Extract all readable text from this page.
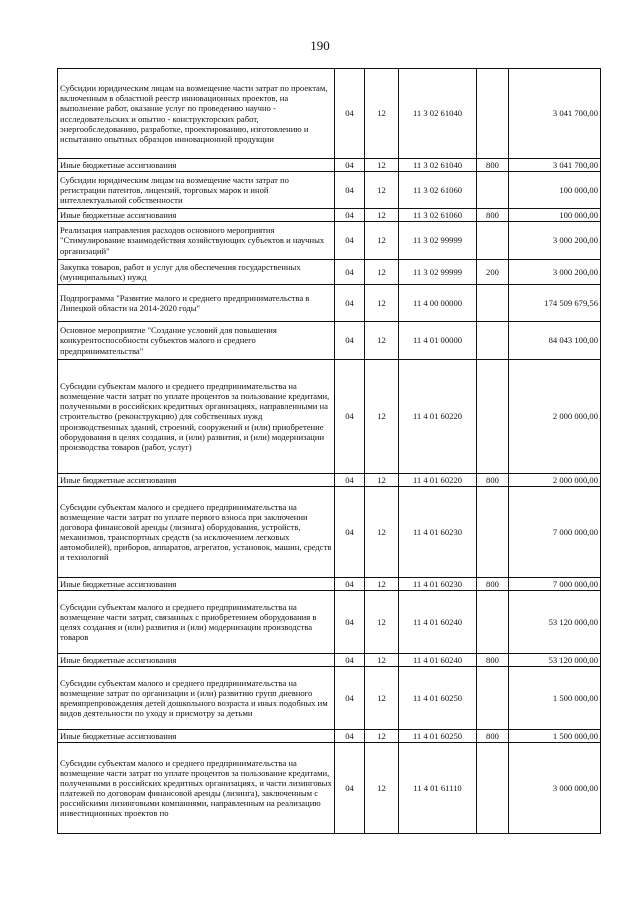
190
Субсидии юридическим лицам на возмещение части затрат по проектам, включенным в областной реестр инновационных проектов, на выполнение работ, оказание услуг по проведению научно - исследовательских и опытно - конструкторских работ, энергообследованию, разработке, проектированию, изготовлению и испытанию опытных образцов инновационной продукции	04	12	11 3 02 61040		3 041 700,00
Иные бюджетные ассигнования	04	12	11 3 02 61040	800	3 041 700,00
Субсидии юридическим лицам на возмещение части затрат по регистрации патентов, лицензий, торговых марок и иной интеллектуальной собственности	04	12	11 3 02 61060		100 000,00
Иные бюджетные ассигнования	04	12	11 3 02 61060	800	100 000,00
Реализация направления расходов основного мероприятия "Стимулирование взаимодействия хозяйствующих субъектов и научных организаций"	04	12	11 3 02 99999		3 000 200,00
Закупка товаров, работ и услуг для обеспечения государственных (муниципальных) нужд	04	12	11 3 02 99999	200	3 000 200,00
Подпрограмма "Развитие малого и среднего предпринимательства в Липецкой области на 2014-2020 годы"	04	12	11 4 00 00000		174 509 679,56
Основное мероприятие "Создание условий для повышения конкурентоспособности субъектов малого и среднего предпринимательства"	04	12	11 4 01 00000		84 043 100,00
Субсидии субъектам малого и среднего предпринимательства на возмещение части затрат по уплате процентов за пользование кредитами, полученными в российских кредитных организациях, направленными на строительство (реконструкцию) для собственных нужд производственных зданий, строений, сооружений и (или) приобретение оборудования в целях создания, и (или) развития, и (или) модернизации производства товаров (работ, услуг)	04	12	11 4 01 60220		2 000 000,00
Иные бюджетные ассигнования	04	12	11 4 01 60220	800	2 000 000,00
Субсидии субъектам малого и среднего предпринимательства на возмещение части затрат по уплате первого взноса при заключении договора финансовой аренды (лизинга) оборудования, устройств, механизмов, транспортных средств (за исключением легковых автомобилей), приборов, аппаратов, агрегатов, установок, машин, средств и технологий	04	12	11 4 01 60230		7 000 000,00
Иные бюджетные ассигнования	04	12	11 4 01 60230	800	7 000 000,00
Субсидии субъектам малого и среднего предпринимательства на возмещение части затрат, связанных с приобретением оборудования в целях создания и (или) развития и (или) модернизации производства товаров	04	12	11 4 01 60240		53 120 000,00
Иные бюджетные ассигнования	04	12	11 4 01 60240	800	53 120 000,00
Субсидии субъектам малого и среднего предпринимательства на возмещение затрат по организации и (или) развитию групп дневного времяпрепровождения детей дошкольного возраста и иных подобных им видов деятельности по уходу и присмотру за детьми	04	12	11 4 01 60250		1 500 000,00
Иные бюджетные ассигнования	04	12	11 4 01 60250	800	1 500 000,00
Субсидии субъектам малого и среднего предпринимательства на возмещение части затрат по уплате процентов за пользование кредитами, полученными в российских кредитных организациях, и части лизинговых платежей по договорам финансовой аренды (лизинга), заключенным с российскими лизинговыми компаниями, направленным на реализацию инвестиционных проектов по	04	12	11 4 01 61110		3 000 000,00
